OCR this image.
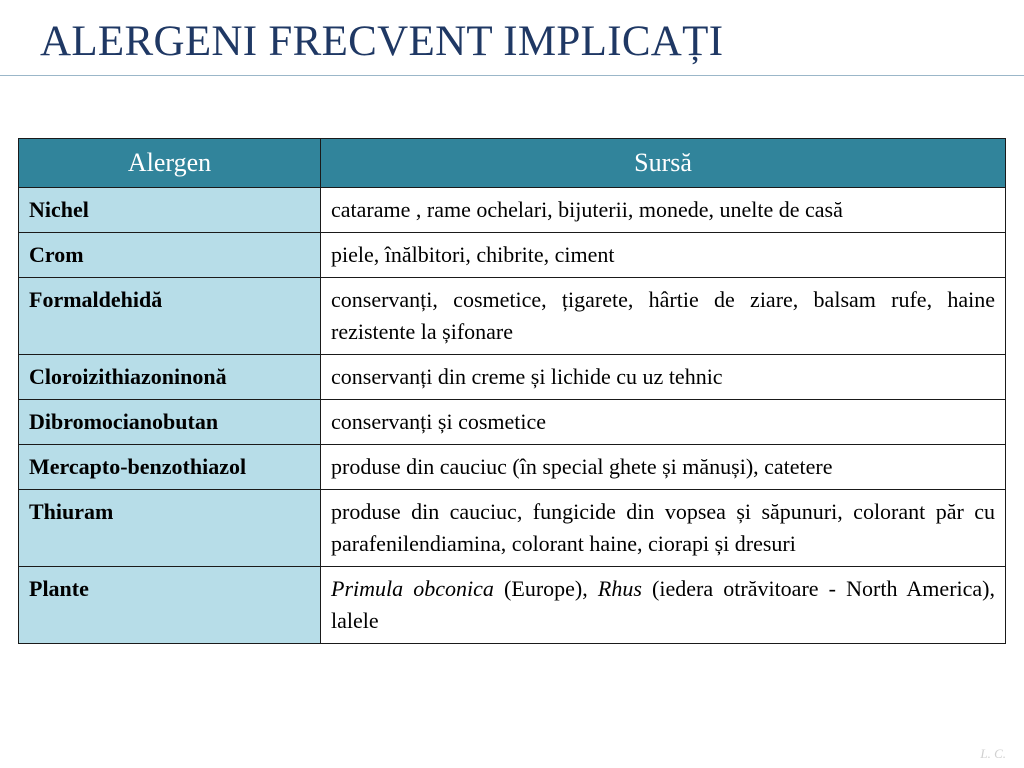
ALERGENI FRECVENT IMPLICAȚI
Alergen	Sursă
Nichel	catarame , rame ochelari, bijuterii, monede, unelte de casă
Crom	piele, înălbitori, chibrite, ciment
Formaldehidă	conservanți, cosmetice, țigarete, hârtie de ziare, balsam rufe, haine rezistente la șifonare
Cloroizithiazoninonă	conservanți din creme și lichide cu uz tehnic
Dibromocianobutan	conservanți și cosmetice
Mercapto-benzothiazol	produse din cauciuc (în special ghete și mănuși), catetere
Thiuram	produse din cauciuc, fungicide din vopsea și săpunuri, colorant păr cu parafenilendiamina, colorant haine, ciorapi și dresuri
Plante	Primula obconica (Europe), Rhus (iedera otrăvitoare - North America), lalele
L. C.
